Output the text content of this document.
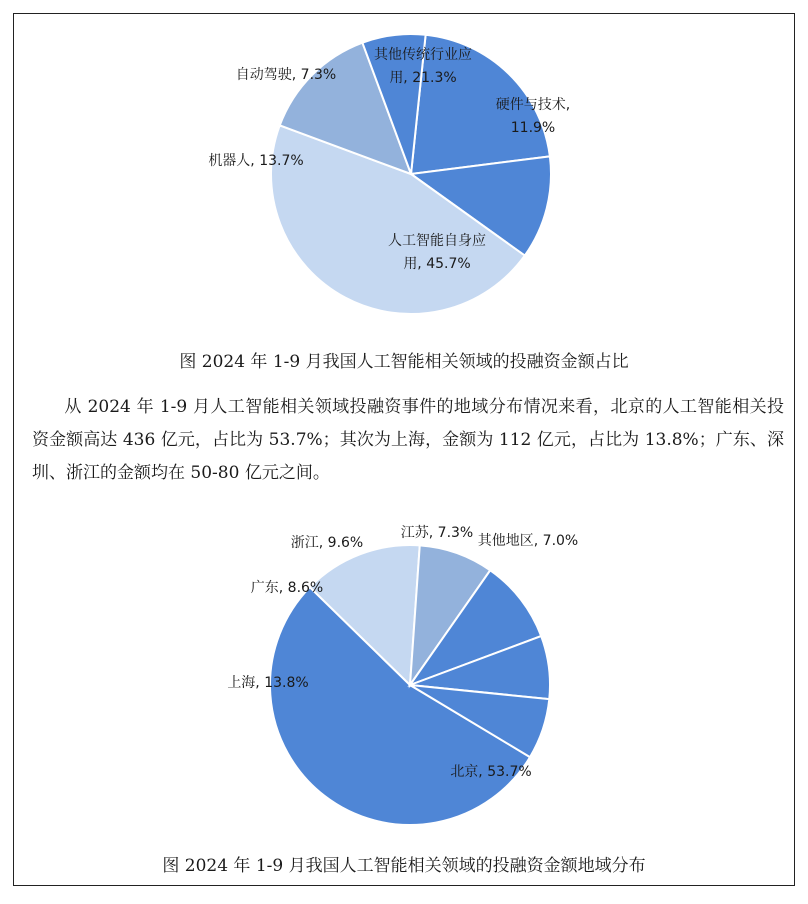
其他传统行业应用, 21.3%
硬件与技术, 11.9%
人工智能自身应用, 45.7%
机器人, 13.7%
自动驾驶, 7.3%
图 2024 年 1-9 月我国人工智能相关领域的投融资金额占比

从 2024 年 1-9 月人工智能相关领域投融资事件的地域分布情况来看，北京的人工智能相关投资金额高达 436 亿元，占比为 53.7%；其次为上海，金额为 112 亿元，占比为 13.8%；广东、深圳、浙江的金额均在 50-80 亿元之间。

北京, 53.7%
上海, 13.8%
广东, 8.6%
浙江, 9.6%
江苏, 7.3% 其他地区, 7.0%
图 2024 年 1-9 月我国人工智能相关领域的投融资金额地域分布
